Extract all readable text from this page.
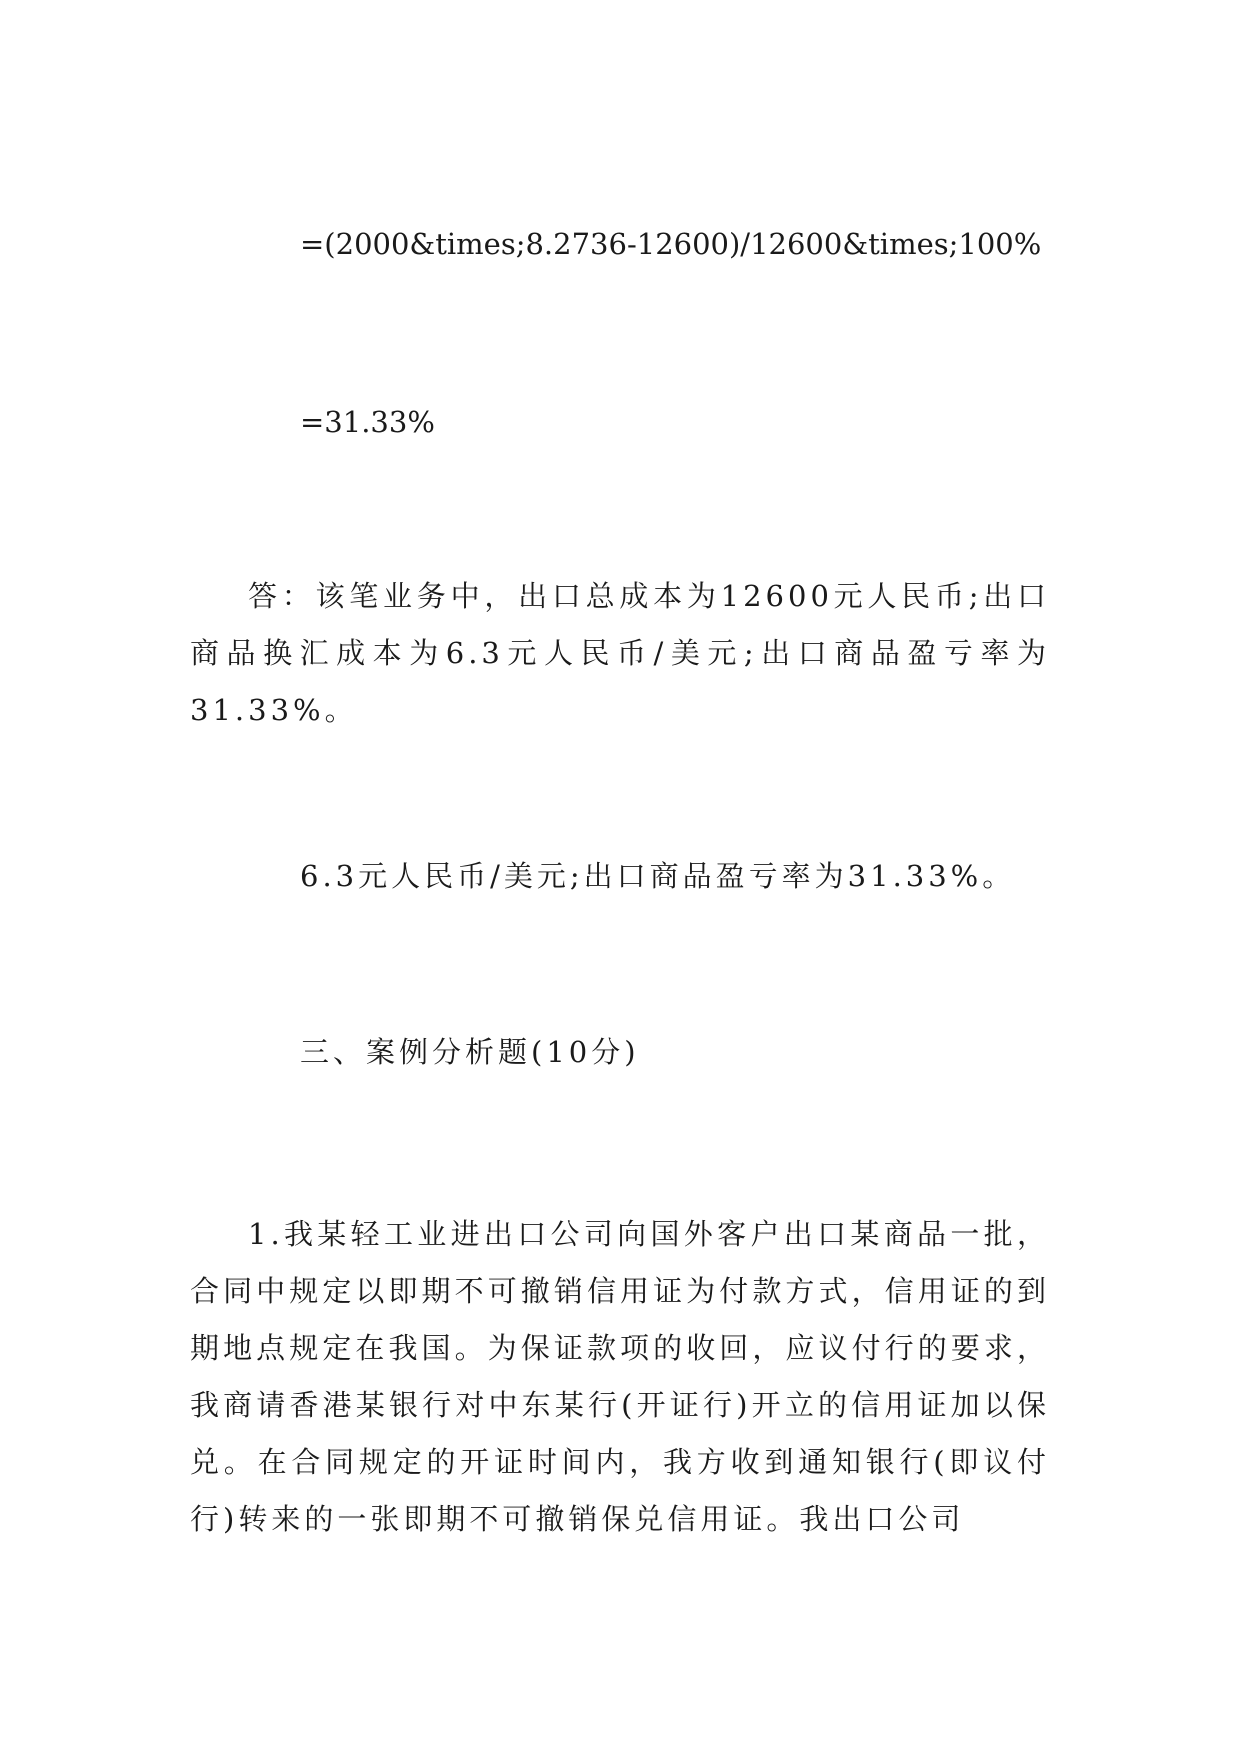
=(2000&times;8.2736-12600)/12600&times;100%
=31.33%
答：该笔业务中，出口总成本为12600元人民币;出口商品换汇成本为6.3元人民币/美元;出口商品盈亏率为31.33%。
6.3元人民币/美元;出口商品盈亏率为31.33%。
三、案例分析题(10分)
1.我某轻工业进出口公司向国外客户出口某商品一批，合同中规定以即期不可撤销信用证为付款方式，信用证的到期地点规定在我国。为保证款项的收回，应议付行的要求，我商请香港某银行对中东某行(开证行)开立的信用证加以保兑。在合同规定的开证时间内，我方收到通知银行(即议付行)转来的一张即期不可撤销保兑信用证。我出口公司
